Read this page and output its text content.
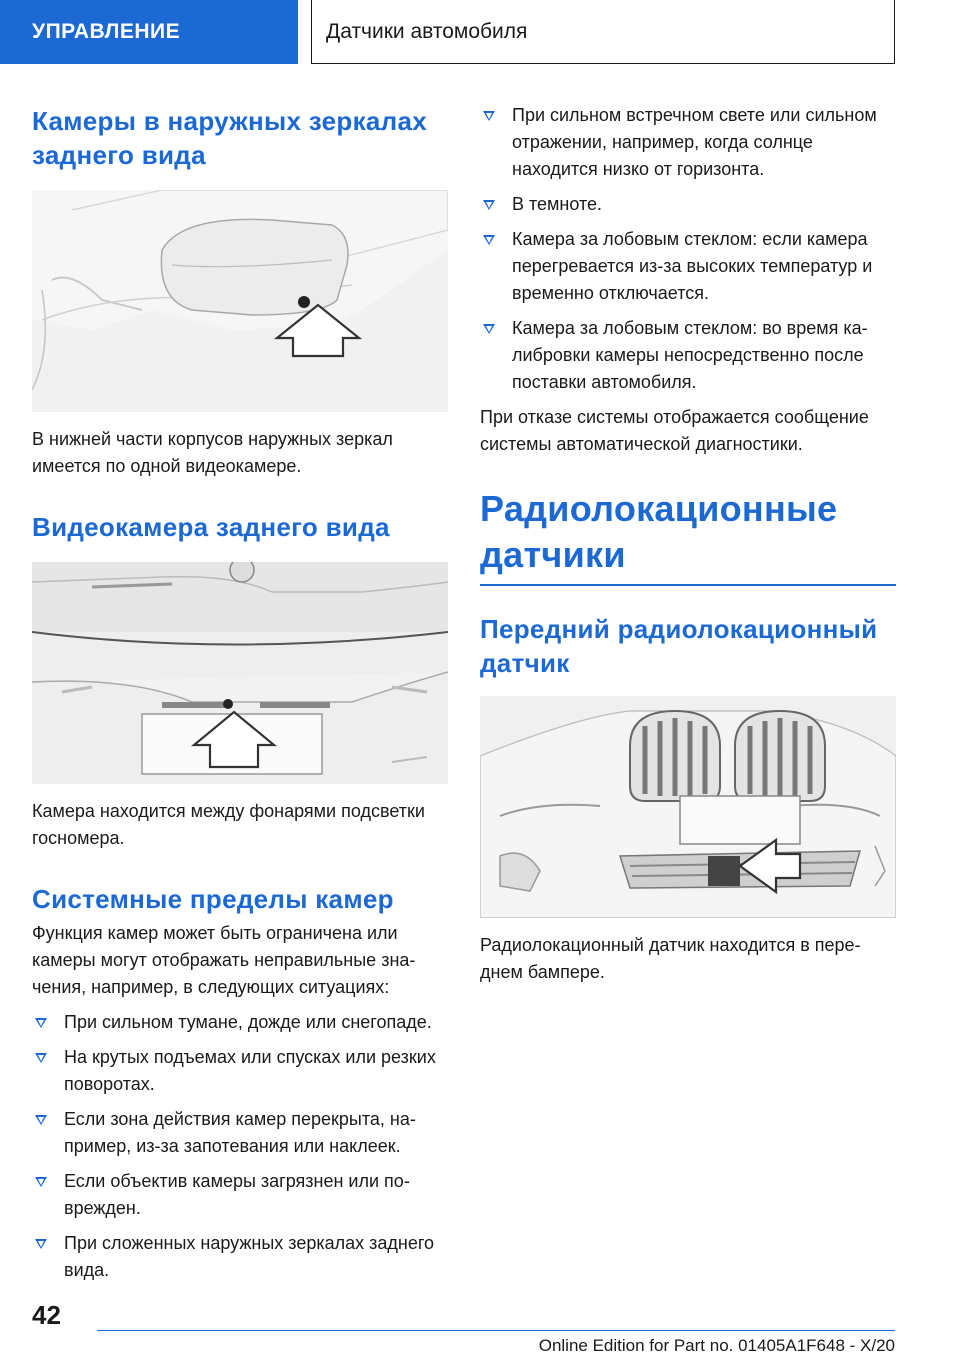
УПРАВЛЕНИЕ	Датчики автомобиля
Камеры в наружных зеркалах заднего вида

В нижней части корпусов наружных зеркал имеется по одной видеокамере.

Видеокамера заднего вида

Камера находится между фонарями подсветки госномера.

Системные пределы камер

Функция камер может быть ограничена или камеры могут отображать неправильные значения, например, в следующих ситуациях:

При сильном тумане, дожде или снегопаде.
На крутых подъемах или спусках или резких поворотах.
Если зона действия камер перекрыта, например, из-за запотевания или наклеек.
Если объектив камеры загрязнен или поврежден.
При сложенных наружных зеркалах заднего вида.
При сильном встречном свете или сильном отражении, например, когда солнце находится низко от горизонта.
В темноте.
Камера за лобовым стеклом: если камера перегревается из-за высоких температур и временно отключается.
Камера за лобовым стеклом: во время калибровки камеры непосредственно после поставки автомобиля.

При отказе системы отображается сообщение системы автоматической диагностики.

Радиолокационные датчики
Передний радиолокационный датчик

Радиолокационный датчик находится в переднем бампере.

42
Online Edition for Part no. 01405A1F648 - X/20
